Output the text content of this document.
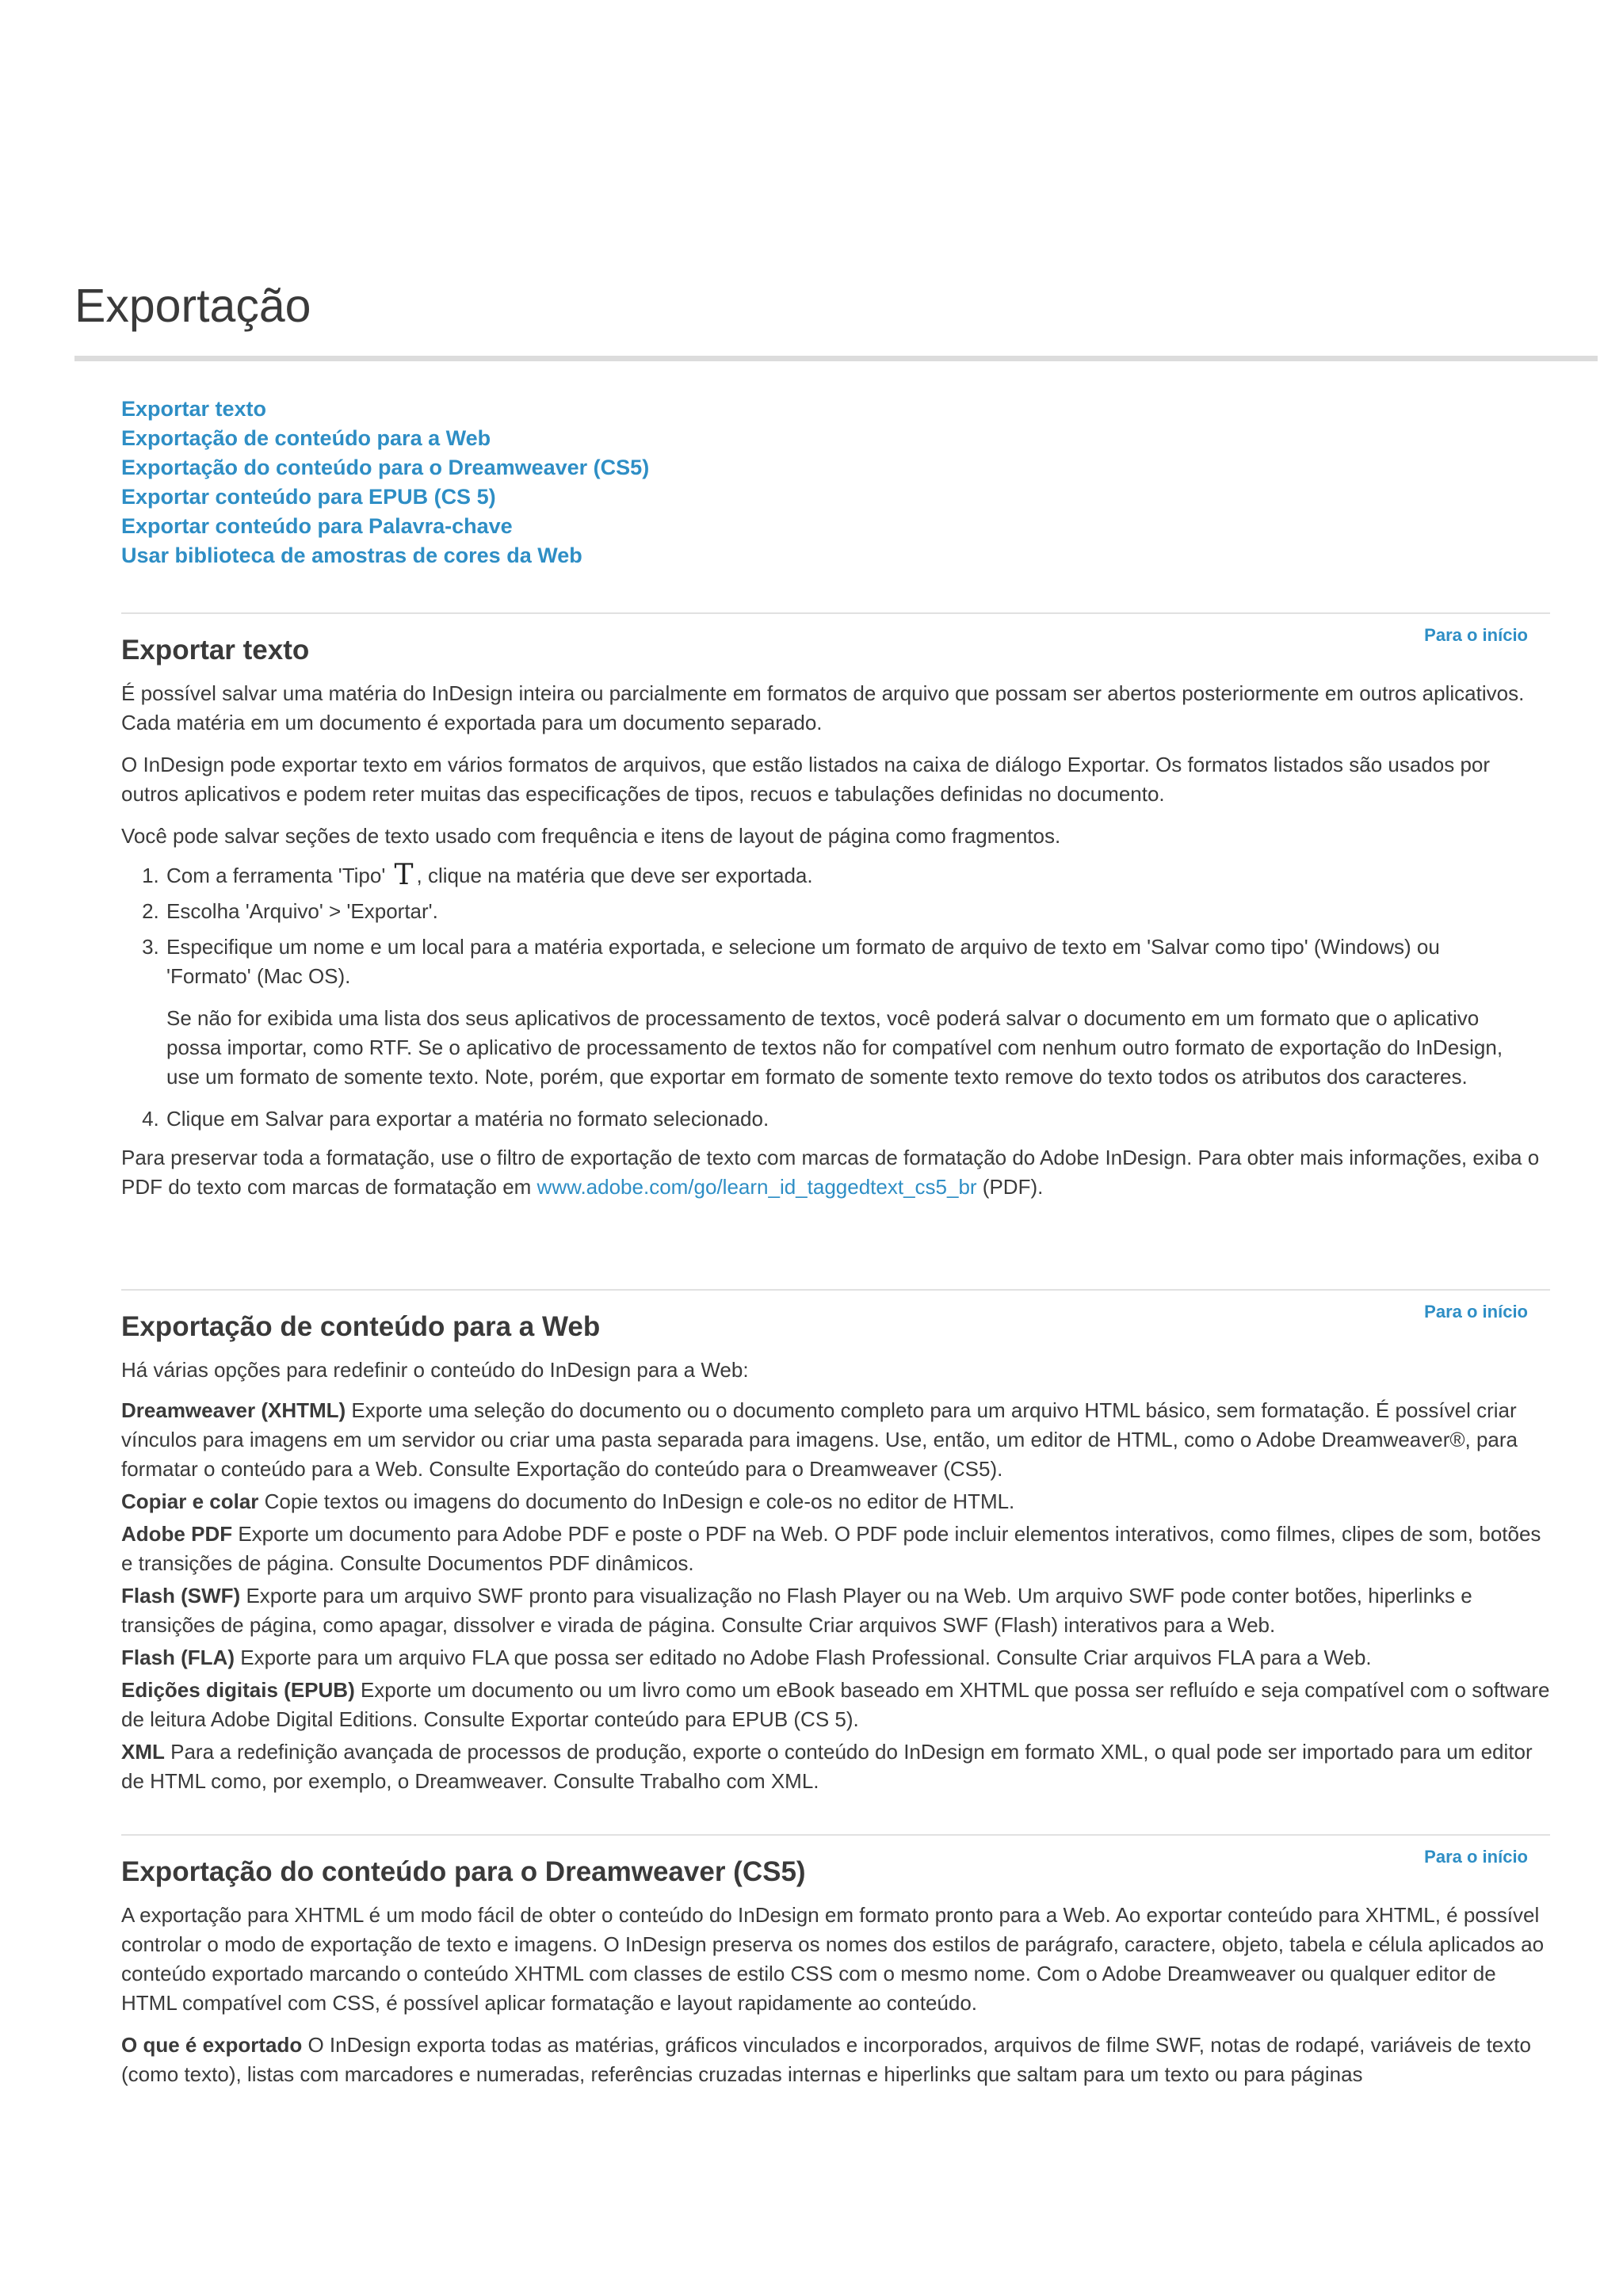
Exportação
Exportar texto
Exportação de conteúdo para a Web
Exportação do conteúdo para o Dreamweaver (CS5)
Exportar conteúdo para EPUB (CS 5)
Exportar conteúdo para Palavra-chave
Usar biblioteca de amostras de cores da Web
Para o início
Exportar texto

É possível salvar uma matéria do InDesign inteira ou parcialmente em formatos de arquivo que possam ser abertos posteriormente em outros aplicativos. Cada matéria em um documento é exportada para um documento separado.

O InDesign pode exportar texto em vários formatos de arquivos, que estão listados na caixa de diálogo Exportar. Os formatos listados são usados por outros aplicativos e podem reter muitas das especificações de tipos, recuos e tabulações definidas no documento.

Você pode salvar seções de texto usado com frequência e itens de layout de página como fragmentos.

1. Com a ferramenta 'Tipo' T , clique na matéria que deve ser exportada.
2. Escolha 'Arquivo' > 'Exportar'.
3. Especifique um nome e um local para a matéria exportada, e selecione um formato de arquivo de texto em 'Salvar como tipo' (Windows) ou 'Formato' (Mac OS).
Se não for exibida uma lista dos seus aplicativos de processamento de textos, você poderá salvar o documento em um formato que o aplicativo possa importar, como RTF. Se o aplicativo de processamento de textos não for compatível com nenhum outro formato de exportação do InDesign, use um formato de somente texto. Note, porém, que exportar em formato de somente texto remove do texto todos os atributos dos caracteres.
4. Clique em Salvar para exportar a matéria no formato selecionado.

Para preservar toda a formatação, use o filtro de exportação de texto com marcas de formatação do Adobe InDesign. Para obter mais informações, exiba o PDF do texto com marcas de formatação em www.adobe.com/go/learn_id_taggedtext_cs5_br (PDF).

Para o início
Exportação de conteúdo para a Web

Há várias opções para redefinir o conteúdo do InDesign para a Web:

Dreamweaver (XHTML) Exporte uma seleção do documento ou o documento completo para um arquivo HTML básico, sem formatação. É possível criar vínculos para imagens em um servidor ou criar uma pasta separada para imagens. Use, então, um editor de HTML, como o Adobe Dreamweaver®, para formatar o conteúdo para a Web. Consulte Exportação do conteúdo para o Dreamweaver (CS5).
Copiar e colar Copie textos ou imagens do documento do InDesign e cole-os no editor de HTML.
Adobe PDF Exporte um documento para Adobe PDF e poste o PDF na Web. O PDF pode incluir elementos interativos, como filmes, clipes de som, botões e transições de página. Consulte Documentos PDF dinâmicos.
Flash (SWF) Exporte para um arquivo SWF pronto para visualização no Flash Player ou na Web. Um arquivo SWF pode conter botões, hiperlinks e transições de página, como apagar, dissolver e virada de página. Consulte Criar arquivos SWF (Flash) interativos para a Web.
Flash (FLA) Exporte para um arquivo FLA que possa ser editado no Adobe Flash Professional. Consulte Criar arquivos FLA para a Web.
Edições digitais (EPUB) Exporte um documento ou um livro como um eBook baseado em XHTML que possa ser refluído e seja compatível com o software de leitura Adobe Digital Editions. Consulte Exportar conteúdo para EPUB (CS 5).
XML Para a redefinição avançada de processos de produção, exporte o conteúdo do InDesign em formato XML, o qual pode ser importado para um editor de HTML como, por exemplo, o Dreamweaver. Consulte Trabalho com XML.
Para o início
Exportação do conteúdo para o Dreamweaver (CS5)

A exportação para XHTML é um modo fácil de obter o conteúdo do InDesign em formato pronto para a Web. Ao exportar conteúdo para XHTML, é possível controlar o modo de exportação de texto e imagens. O InDesign preserva os nomes dos estilos de parágrafo, caractere, objeto, tabela e célula aplicados ao conteúdo exportado marcando o conteúdo XHTML com classes de estilo CSS com o mesmo nome. Com o Adobe Dreamweaver ou qualquer editor de HTML compatível com CSS, é possível aplicar formatação e layout rapidamente ao conteúdo.

O que é exportado O InDesign exporta todas as matérias, gráficos vinculados e incorporados, arquivos de filme SWF, notas de rodapé, variáveis de texto (como texto), listas com marcadores e numeradas, referências cruzadas internas e hiperlinks que saltam para um texto ou para páginas
